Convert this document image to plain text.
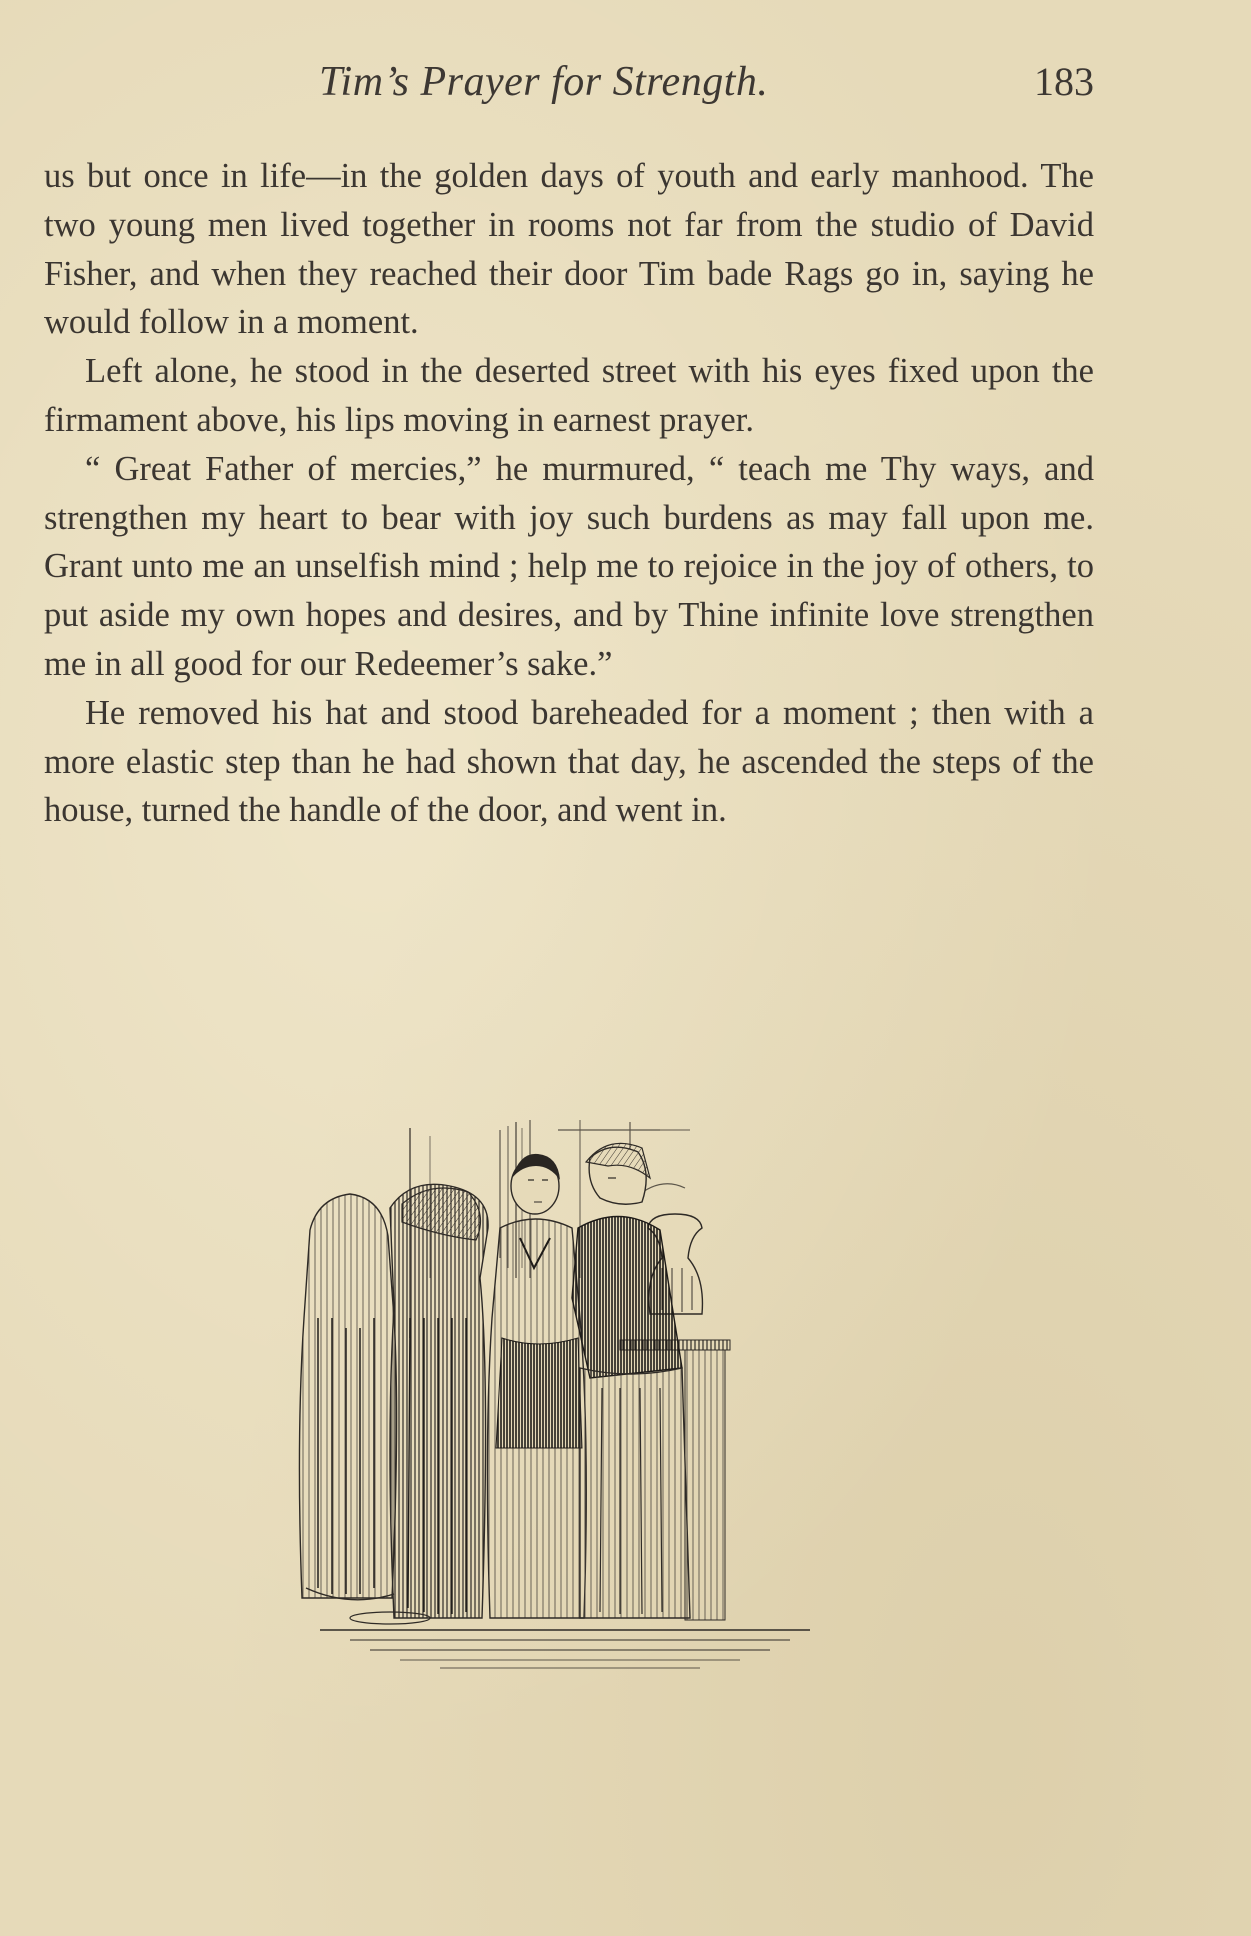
Tim’s Prayer for Strength.	183

us but once in life—in the golden days of youth and early manhood. The two young men lived together in rooms not far from the studio of David Fisher, and when they reached their door Tim bade Rags go in, saying he would follow in a moment.

Left alone, he stood in the deserted street with his eyes fixed upon the firmament above, his lips moving in earnest prayer.

“ Great Father of mercies,” he murmured, “ teach me Thy ways, and strengthen my heart to bear with joy such burdens as may fall upon me. Grant unto me an unselfish mind ; help me to rejoice in the joy of others, to put aside my own hopes and desires, and by Thine infinite love strengthen me in all good for our Redeemer’s sake.”

He removed his hat and stood bareheaded for a moment ; then with a more elastic step than he had shown that day, he ascended the steps of the house, turned the handle of the door, and went in.
